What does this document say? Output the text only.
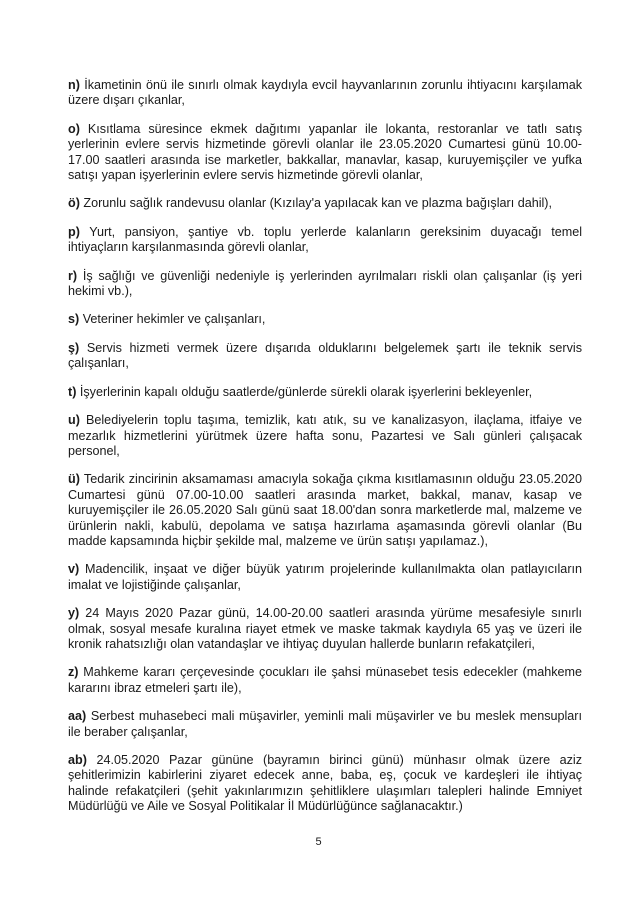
n) İkametinin önü ile sınırlı olmak kaydıyla evcil hayvanlarının zorunlu ihtiyacını karşılamak üzere dışarı çıkanlar,
o) Kısıtlama süresince ekmek dağıtımı yapanlar ile lokanta, restoranlar ve tatlı satış yerlerinin evlere servis hizmetinde görevli olanlar ile 23.05.2020 Cumartesi günü 10.00-17.00 saatleri arasında ise marketler, bakkallar, manavlar, kasap, kuruyemişçiler ve yufka satışı yapan işyerlerinin evlere servis hizmetinde görevli olanlar,
ö) Zorunlu sağlık randevusu olanlar (Kızılay'a yapılacak kan ve plazma bağışları dahil),
p) Yurt, pansiyon, şantiye vb. toplu yerlerde kalanların gereksinim duyacağı temel ihtiyaçların karşılanmasında görevli olanlar,
r) İş sağlığı ve güvenliği nedeniyle iş yerlerinden ayrılmaları riskli olan çalışanlar (iş yeri hekimi vb.),
s) Veteriner hekimler ve çalışanları,
ş) Servis hizmeti vermek üzere dışarıda olduklarını belgelemek şartı ile teknik servis çalışanları,
t) İşyerlerinin kapalı olduğu saatlerde/günlerde sürekli olarak işyerlerini bekleyenler,
u) Belediyelerin toplu taşıma, temizlik, katı atık, su ve kanalizasyon, ilaçlama, itfaiye ve mezarlık hizmetlerini yürütmek üzere hafta sonu, Pazartesi ve Salı günleri çalışacak personel,
ü) Tedarik zincirinin aksamaması amacıyla sokağa çıkma kısıtlamasının olduğu 23.05.2020 Cumartesi günü 07.00-10.00 saatleri arasında market, bakkal, manav, kasap ve kuruyemişçiler ile 26.05.2020 Salı günü saat 18.00'dan sonra marketlerde mal, malzeme ve ürünlerin nakli, kabulü, depolama ve satışa hazırlama aşamasında görevli olanlar (Bu madde kapsamında hiçbir şekilde mal, malzeme ve ürün satışı yapılamaz.),
v) Madencilik, inşaat ve diğer büyük yatırım projelerinde kullanılmakta olan patlayıcıların imalat ve lojistiğinde çalışanlar,
y) 24 Mayıs 2020 Pazar günü, 14.00-20.00 saatleri arasında yürüme mesafesiyle sınırlı olmak, sosyal mesafe kuralına riayet etmek ve maske takmak kaydıyla 65 yaş ve üzeri ile kronik rahatsızlığı olan vatandaşlar ve ihtiyaç duyulan hallerde bunların refakatçileri,
z) Mahkeme kararı çerçevesinde çocukları ile şahsi münasebet tesis edecekler (mahkeme kararını ibraz etmeleri şartı ile),
aa) Serbest muhasebeci mali müşavirler, yeminli mali müşavirler ve bu meslek mensupları ile beraber çalışanlar,
ab) 24.05.2020 Pazar gününe (bayramın birinci günü) münhasır olmak üzere aziz şehitlerimizin kabirlerini ziyaret edecek anne, baba, eş, çocuk ve kardeşleri ile ihtiyaç halinde refakatçileri (şehit yakınlarımızın şehitliklere ulaşımları talepleri halinde Emniyet Müdürlüğü ve Aile ve Sosyal Politikalar İl Müdürlüğünce sağlanacaktır.)
5
